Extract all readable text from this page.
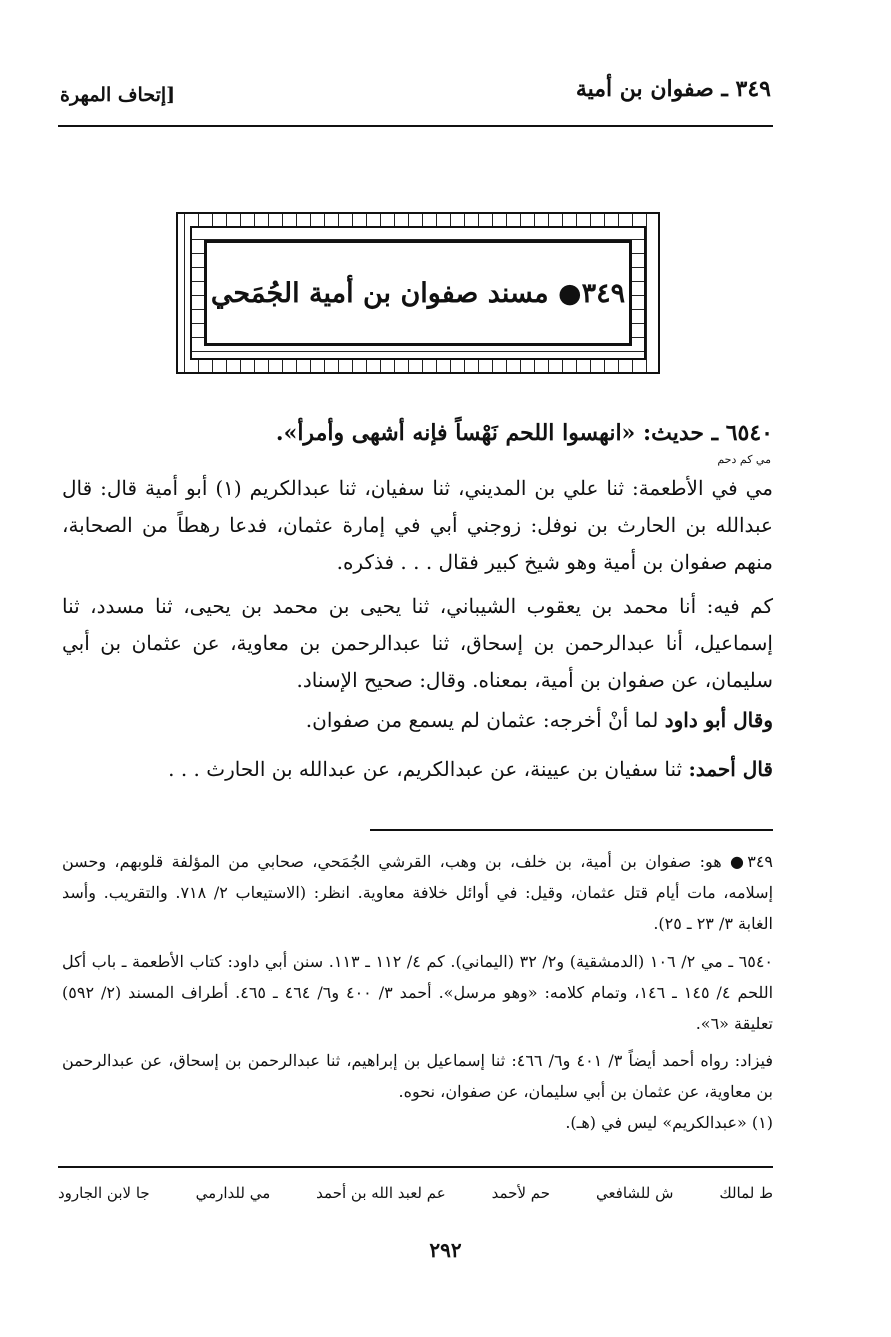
٣٤٩ ـ صفوان بن أمية
[إتحاف المهرة
٣٤٩● مسند صفوان بن أمية الجُمَحي
٦٥٤٠ ـ حديث: «انهسوا اللحم نَهْساً فإنه أشهى وأمرأ».
مي كم دحم
مي في الأطعمة: ثنا علي بن المديني، ثنا سفيان، ثنا عبدالكريم (١) أبو أمية قال: قال عبدالله بن الحارث بن نوفل: زوجني أبي في إمارة عثمان، فدعا رهطاً من الصحابة، منهم صفوان بن أمية وهو شيخ كبير فقال . . . فذكره.
كم فيه: أنا محمد بن يعقوب الشيباني، ثنا يحيى بن محمد بن يحيى، ثنا مسدد، ثنا إسماعيل، أنا عبدالرحمن بن إسحاق، ثنا عبدالرحمن بن معاوية، عن عثمان بن أبي سليمان، عن صفوان بن أمية، بمعناه. وقال: صحيح الإسناد.
وقال أبو داود لما أنْ أخرجه: عثمان لم يسمع من صفوان.
قال أحمد: ثنا سفيان بن عيينة، عن عبدالكريم، عن عبدالله بن الحارث . . .
٣٤٩● هو: صفوان بن أمية، بن خلف، بن وهب، القرشي الجُمَحي، صحابي من المؤلفة قلوبهم، وحسن إسلامه، مات أيام قتل عثمان، وقيل: في أوائل خلافة معاوية. انظر: (الاستيعاب ٢/ ٧١٨. والتقريب. وأسد الغابة ٣/ ٢٣ ـ ٢٥).
٦٥٤٠ ـ مي ٢/ ١٠٦ (الدمشقية) و٢/ ٣٢ (اليماني). كم ٤/ ١١٢ ـ ١١٣. سنن أبي داود: كتاب الأطعمة ـ باب أكل اللحم ٤/ ١٤٥ ـ ١٤٦، وتمام كلامه: «وهو مرسل». أحمد ٣/ ٤٠٠ و٦/ ٤٦٤ ـ ٤٦٥. أطراف المسند (٢/ ٥٩٢) تعليقة «٦».
فيزاد: رواه أحمد أيضاً ٣/ ٤٠١ و٦/ ٤٦٦: ثنا إسماعيل بن إبراهيم، ثنا عبدالرحمن بن إسحاق، عن عبدالرحمن بن معاوية، عن عثمان بن أبي سليمان، عن صفوان، نحوه.
(١) «عبدالكريم» ليس في (هـ).
ط لمالك
ش للشافعي
حم لأحمد
عم لعبد الله بن أحمد
مي للدارمي
جا لابن الجارود
٢٩٢
